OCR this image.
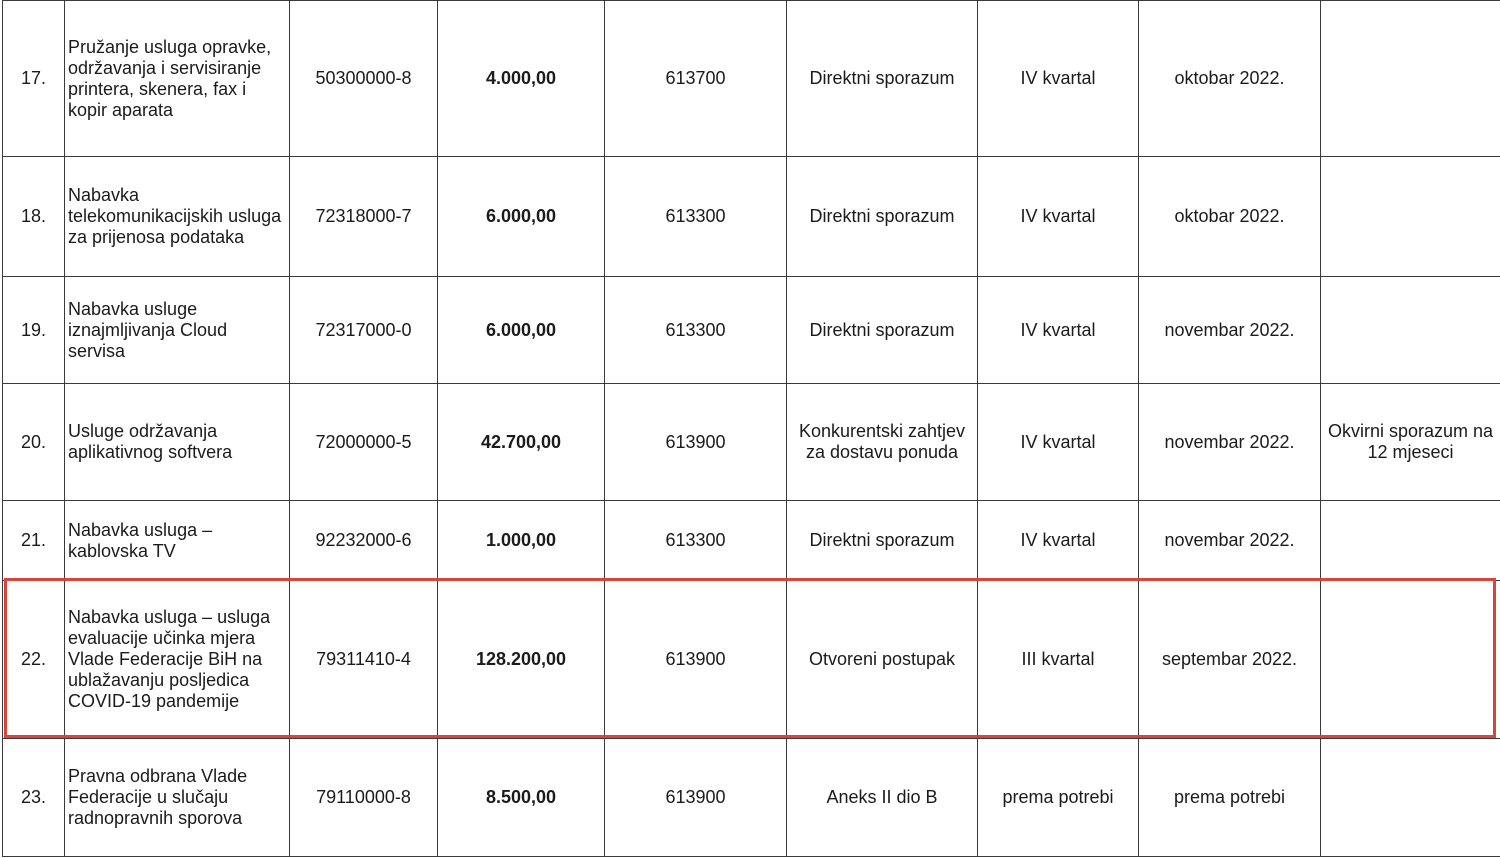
17.	Pružanje usluga opravke, održavanja i servisiranje printera, skenera, fax i kopir aparata	50300000-8	4.000,00	613700	Direktni sporazum	IV kvartal	oktobar 2022.	
18.	Nabavka telekomunikacijskih usluga za prijenosa podataka	72318000-7	6.000,00	613300	Direktni sporazum	IV kvartal	oktobar 2022.	
19.	Nabavka usluge iznajmljivanja Cloud servisa	72317000-0	6.000,00	613300	Direktni sporazum	IV kvartal	novembar 2022.	
20.	Usluge održavanja aplikativnog softvera	72000000-5	42.700,00	613900	Konkurentski zahtjev za dostavu ponuda	IV kvartal	novembar 2022.	Okvirni sporazum na 12 mjeseci
21.	Nabavka usluga – kablovska TV	92232000-6	1.000,00	613300	Direktni sporazum	IV kvartal	novembar 2022.	
22.	Nabavka usluga – usluga evaluacije učinka mjera Vlade Federacije BiH na ublažavanju posljedica COVID-19 pandemije	79311410-4	128.200,00	613900	Otvoreni postupak	III kvartal	septembar 2022.	
23.	Pravna odbrana Vlade Federacije u slučaju radnopravnih sporova	79110000-8	8.500,00	613900	Aneks II dio B	prema potrebi	prema potrebi	
